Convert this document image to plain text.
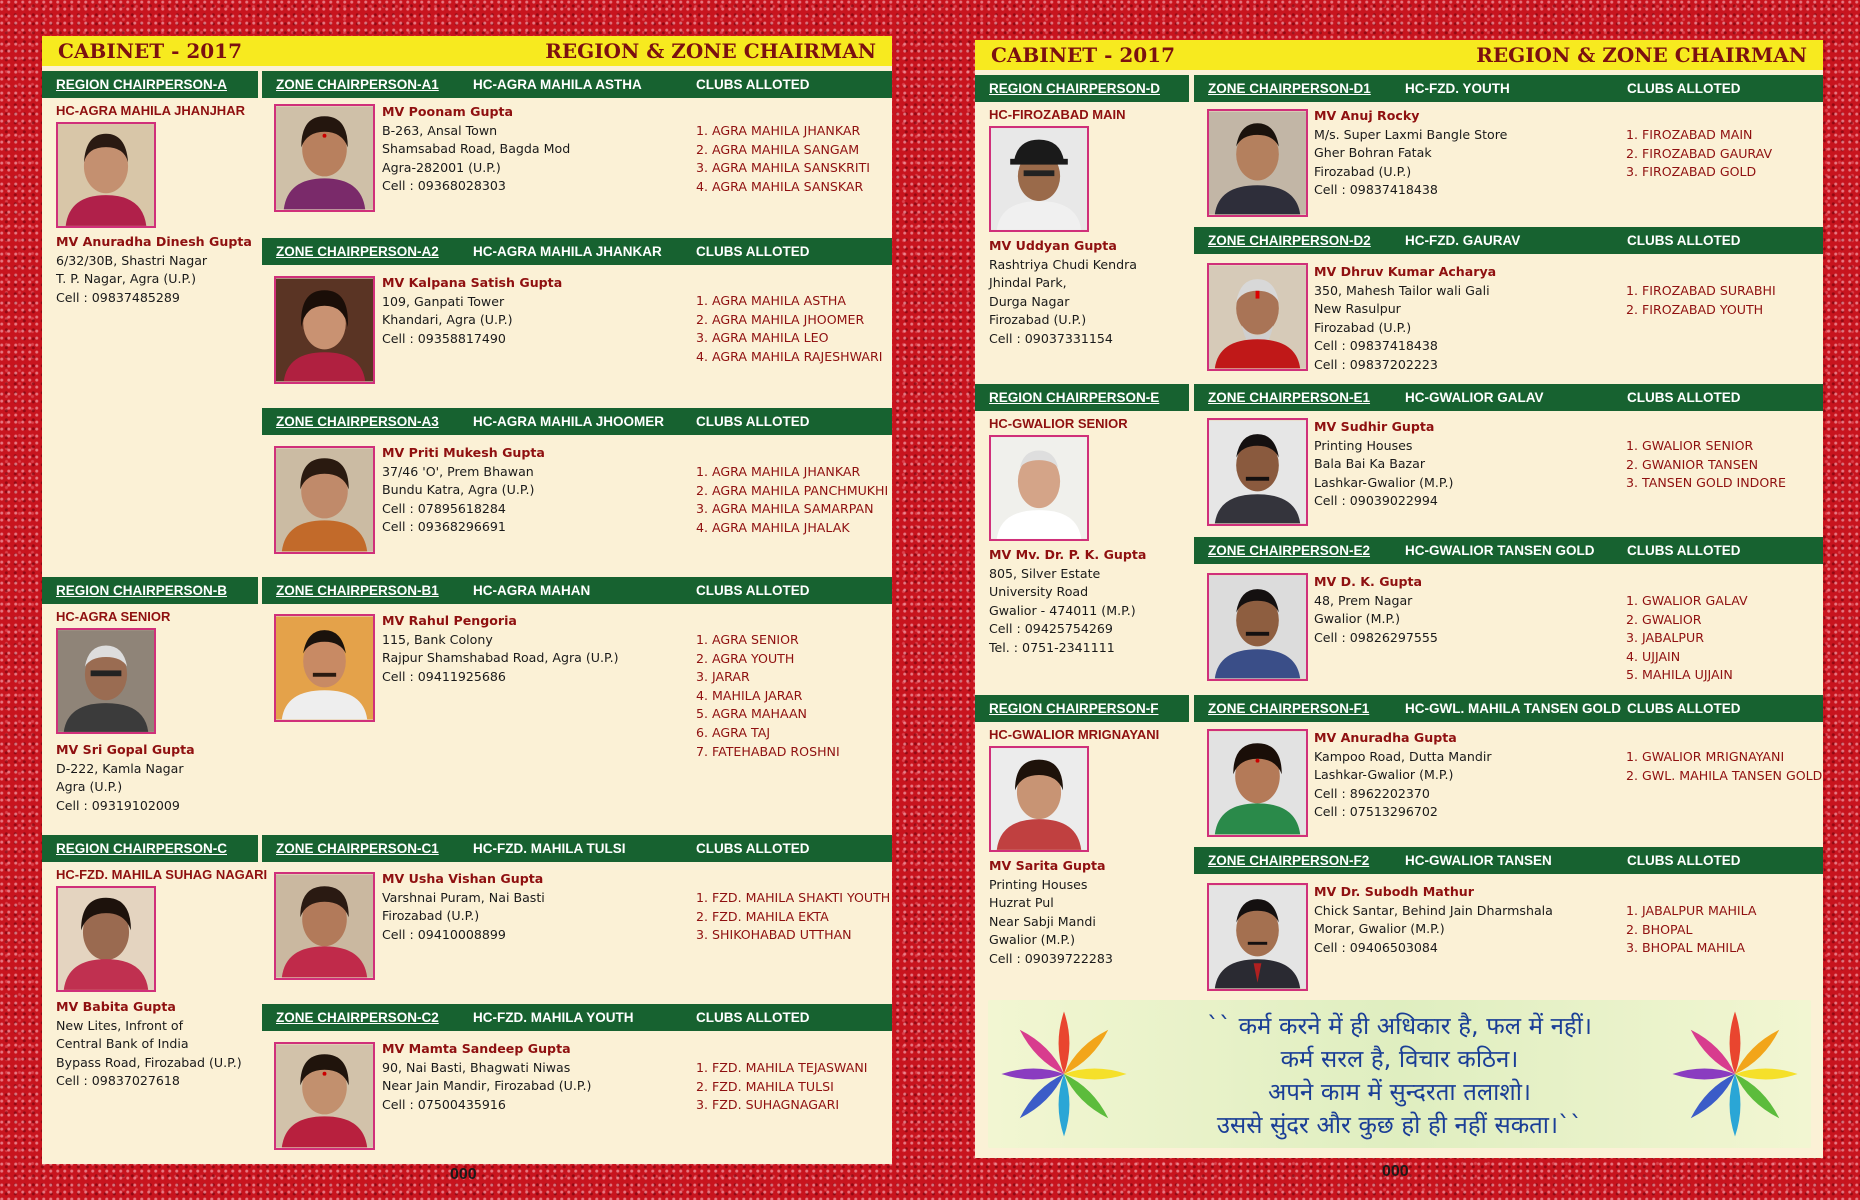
CABINET - 2017	REGION & ZONE CHAIRMAN
REGION CHAIRPERSON-A
REGION CHAIRPERSON-B
REGION CHAIRPERSON-C
ZONE CHAIRPERSON-A1	HC-AGRA MAHILA ASTHA	CLUBS ALLOTED
ZONE CHAIRPERSON-A2	HC-AGRA MAHILA JHANKAR	CLUBS ALLOTED
ZONE CHAIRPERSON-A3	HC-AGRA MAHILA JHOOMER CLUBS ALLOTED
ZONE CHAIRPERSON-B1	HC-AGRA MAHAN	CLUBS ALLOTED
ZONE CHAIRPERSON-C1	HC-FZD. MAHILA TULSI	CLUBS ALLOTED
ZONE CHAIRPERSON-C2	HC-FZD. MAHILA YOUTH	CLUBS ALLOTED
HC-AGRA MAHILA JHANJHAR
MV Anuradha Dinesh Gupta
6/32/30B, Shastri Nagar
T. P. Nagar, Agra (U.P.)
Cell : 09837485289
HC-AGRA SENIOR
MV Sri Gopal Gupta
D-222, Kamla Nagar
Agra (U.P.)
Cell : 09319102009
HC-FZD. MAHILA SUHAG NAGARI
MV Babita Gupta
New Lites, Infront of
Central Bank of India
Bypass Road, Firozabad (U.P.)
Cell : 09837027618
MV Poonam Gupta
B-263, Ansal Town
Shamsabad Road, Bagda Mod
Agra-282001 (U.P.)
Cell : 09368028303
1. AGRA MAHILA JHANKAR
2. AGRA MAHILA SANGAM
3. AGRA MAHILA SANSKRITI
4. AGRA MAHILA SANSKAR
MV Kalpana Satish Gupta
109, Ganpati Tower
Khandari, Agra (U.P.)
Cell : 09358817490
1. AGRA MAHILA ASTHA
2. AGRA MAHILA JHOOMER
3. AGRA MAHILA LEO
4. AGRA MAHILA RAJESHWARI
MV Priti Mukesh Gupta
37/46 'O', Prem Bhawan
Bundu Katra, Agra (U.P.)
Cell : 07895618284
Cell : 09368296691
1. AGRA MAHILA JHANKAR
2. AGRA MAHILA PANCHMUKHI
3. AGRA MAHILA SAMARPAN
4. AGRA MAHILA JHALAK
MV Rahul Pengoria
115, Bank Colony
Rajpur Shamshabad Road, Agra (U.P.)
Cell : 09411925686
1. AGRA SENIOR
2. AGRA YOUTH
3. JARAR
4. MAHILA JARAR
5. AGRA MAHAAN
6. AGRA TAJ
7. FATEHABAD ROSHNI
MV Usha Vishan Gupta
Varshnai Puram, Nai Basti
Firozabad (U.P.)
Cell : 09410008899
1. FZD. MAHILA SHAKTI YOUTH
2. FZD. MAHILA EKTA
3. SHIKOHABAD UTTHAN
MV Mamta Sandeep Gupta
90, Nai Basti, Bhagwati Niwas
Near Jain Mandir, Firozabad (U.P.)
Cell : 07500435916
1. FZD. MAHILA TEJASWANI
2. FZD. MAHILA TULSI
3. FZD. SUHAGNAGARI
000
CABINET - 2017	REGION & ZONE CHAIRMAN
REGION CHAIRPERSON-D
REGION CHAIRPERSON-E
REGION CHAIRPERSON-F
ZONE CHAIRPERSON-D1	HC-FZD. YOUTH	CLUBS ALLOTED
ZONE CHAIRPERSON-D2	HC-FZD. GAURAV	CLUBS ALLOTED
ZONE CHAIRPERSON-E1	HC-GWALIOR GALAV	CLUBS ALLOTED
ZONE CHAIRPERSON-E2	HC-GWALIOR TANSEN GOLD CLUBS ALLOTED
ZONE CHAIRPERSON-F1	HC-GWL. MAHILA TANSEN GOLD CLUBS ALLOTED
ZONE CHAIRPERSON-F2	HC-GWALIOR TANSEN	CLUBS ALLOTED
HC-FIROZABAD MAIN
MV Uddyan Gupta
Rashtriya Chudi Kendra
Jhindal Park,
Durga Nagar
Firozabad (U.P.)
Cell : 09037331154
HC-GWALIOR SENIOR
MV Mv. Dr. P. K. Gupta
805, Silver Estate
University Road
Gwalior - 474011 (M.P.)
Cell : 09425754269
Tel. : 0751-2341111
HC-GWALIOR MRIGNAYANI
MV Sarita Gupta
Printing Houses
Huzrat Pul
Near Sabji Mandi
Gwalior (M.P.)
Cell : 09039722283
MV Anuj Rocky
M/s. Super Laxmi Bangle Store
Gher Bohran Fatak
Firozabad (U.P.)
Cell : 09837418438
1. FIROZABAD MAIN
2. FIROZABAD GAURAV
3. FIROZABAD GOLD
MV Dhruv Kumar Acharya
350, Mahesh Tailor wali Gali
New Rasulpur
Firozabad (U.P.)
Cell : 09837418438
Cell : 09837202223
1. FIROZABAD SURABHI
2. FIROZABAD YOUTH
MV Sudhir Gupta
Printing Houses
Bala Bai Ka Bazar
Lashkar-Gwalior (M.P.)
Cell : 09039022994
1. GWALIOR SENIOR
2. GWANIOR TANSEN
3. TANSEN GOLD INDORE
MV D. K. Gupta
48, Prem Nagar
Gwalior (M.P.)
Cell : 09826297555
1. GWALIOR GALAV
2. GWALIOR
3. JABALPUR
4. UJJAIN
5. MAHILA UJJAIN
MV Anuradha Gupta
Kampoo Road, Dutta Mandir
Lashkar-Gwalior (M.P.)
Cell : 8962202370
Cell : 07513296702
1. GWALIOR MRIGNAYANI
2. GWL. MAHILA TANSEN GOLD
MV Dr. Subodh Mathur
Chick Santar, Behind Jain Dharmshala
Morar, Gwalior (M.P.)
Cell : 09406503084
1. JABALPUR MAHILA
2. BHOPAL
3. BHOPAL MAHILA
`` कर्म करने में ही अधिकार है, फल में नहीं।
कर्म सरल है, विचार कठिन।
अपने काम में सुन्दरता तलाशो।
उससे सुंदर और कुछ हो ही नहीं सकता।``
000
